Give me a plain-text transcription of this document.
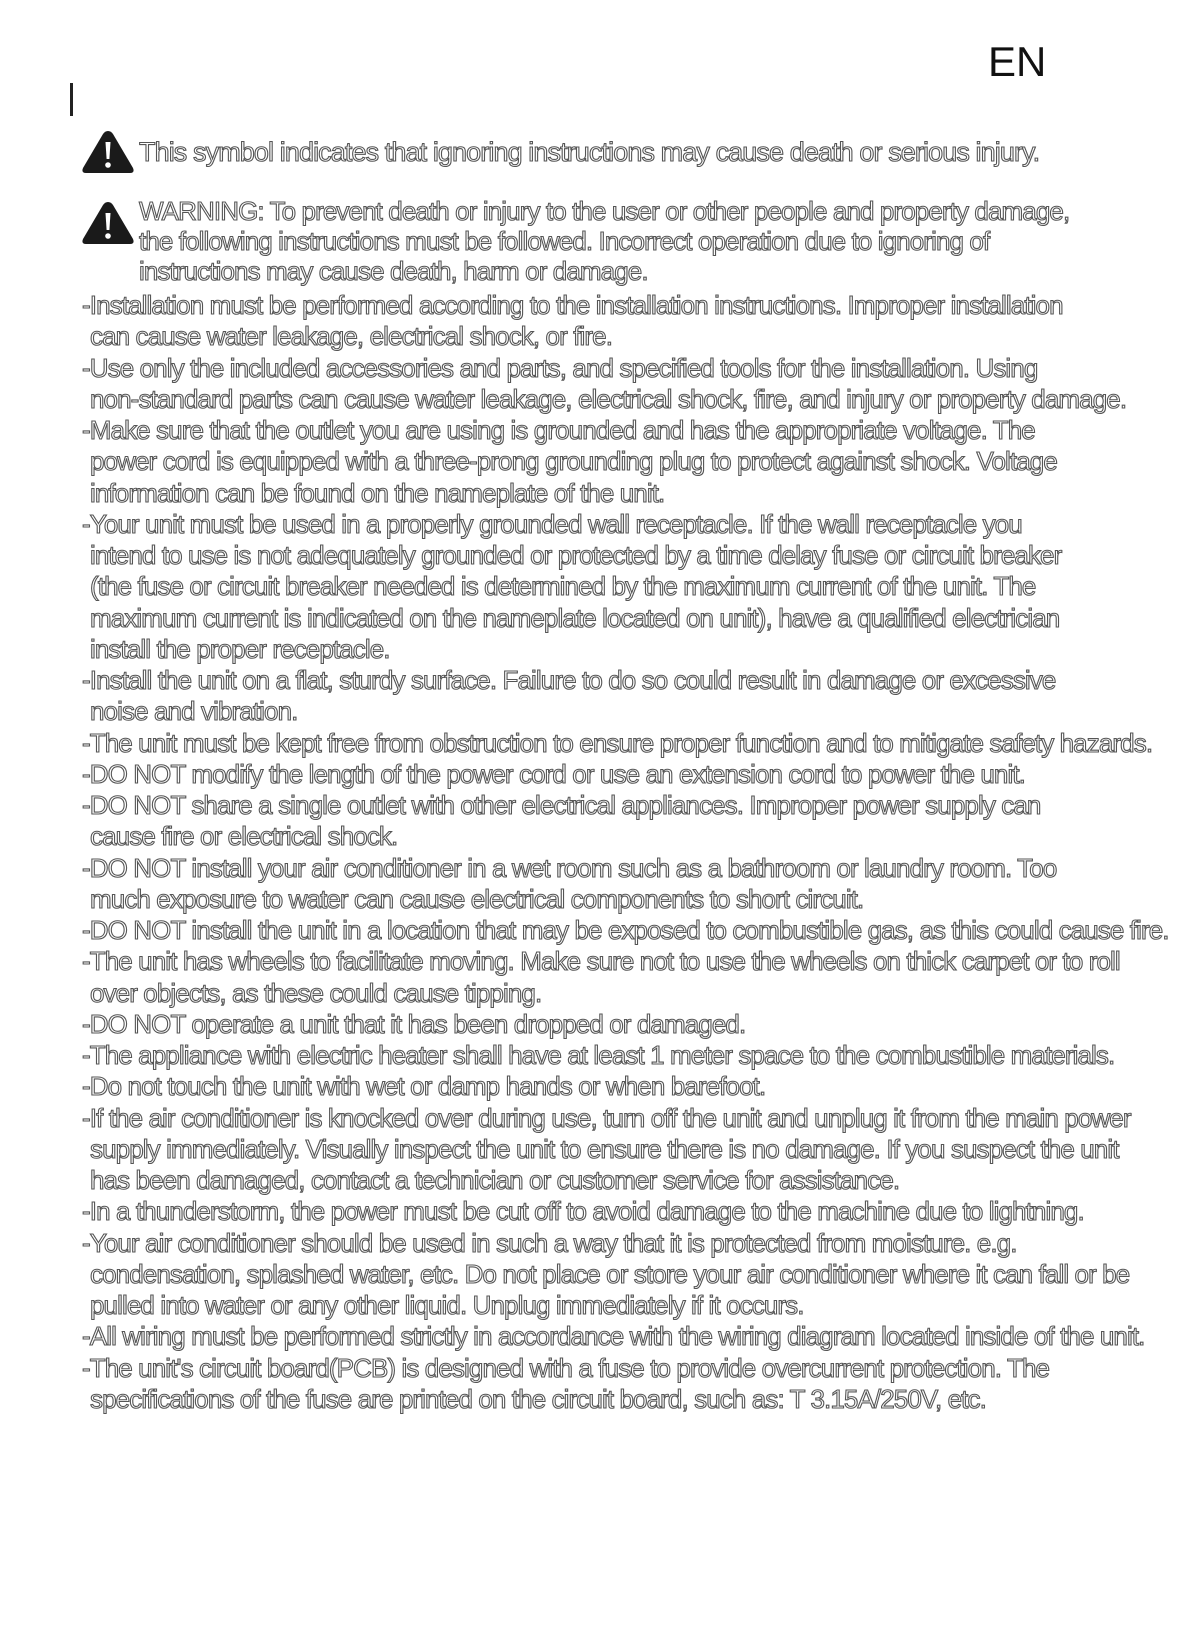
EN
This symbol indicates that ignoring instructions may cause death or serious injury.
WARNING: To prevent death or injury to the user or other people and property damage,
the following instructions must be followed. Incorrect operation due to ignoring of
instructions may cause death, harm or damage.
-Installation must be performed according to the installation instructions. Improper installation
can cause water leakage, electrical shock, or fire.
-Use only the included accessories and parts, and specified tools for the installation. Using
non-standard parts can cause water leakage, electrical shock, fire, and injury or property damage.
-Make sure that the outlet you are using is grounded and has the appropriate voltage. The
power cord is equipped with a three-prong grounding plug to protect against shock. Voltage
information can be found on the nameplate of the unit.
-Your unit must be used in a properly grounded wall receptacle. If the wall receptacle you
intend to use is not adequately grounded or protected by a time delay fuse or circuit breaker
(the fuse or circuit breaker needed is determined by the maximum current of the unit. The
maximum current is indicated on the nameplate located on unit), have a qualified electrician
install the proper receptacle.
-Install the unit on a flat, sturdy surface. Failure to do so could result in damage or excessive
noise and vibration.
-The unit must be kept free from obstruction to ensure proper function and to mitigate safety hazards.
-DO NOT modify the length of the power cord or use an extension cord to power the unit.
-DO NOT share a single outlet with other electrical appliances. Improper power supply can
cause fire or electrical shock.
-DO NOT install your air conditioner in a wet room such as a bathroom or laundry room. Too
much exposure to water can cause electrical components to short circuit.
-DO NOT install the unit in a location that may be exposed to combustible gas, as this could cause fire.
-The unit has wheels to facilitate moving. Make sure not to use the wheels on thick carpet or to roll
over objects, as these could cause tipping.
-DO NOT operate a unit that it has been dropped or damaged.
-The appliance with electric heater shall have at least 1 meter space to the combustible materials.
-Do not touch the unit with wet or damp hands or when barefoot.
-If the air conditioner is knocked over during use, turn off the unit and unplug it from the main power
supply immediately. Visually inspect the unit to ensure there is no damage. If you suspect the unit
has been damaged, contact a technician or customer service for assistance.
-In a thunderstorm, the power must be cut off to avoid damage to the machine due to lightning.
-Your air conditioner should be used in such a way that it is protected from moisture. e.g.
condensation, splashed water, etc. Do not place or store your air conditioner where it can fall or be
pulled into water or any other liquid. Unplug immediately if it occurs.
-All wiring must be performed strictly in accordance with the wiring diagram located inside of the unit.
-The unit's circuit board(PCB) is designed with a fuse to provide overcurrent protection. The
specifications of the fuse are printed on the circuit board, such as: T 3.15A/250V, etc.
